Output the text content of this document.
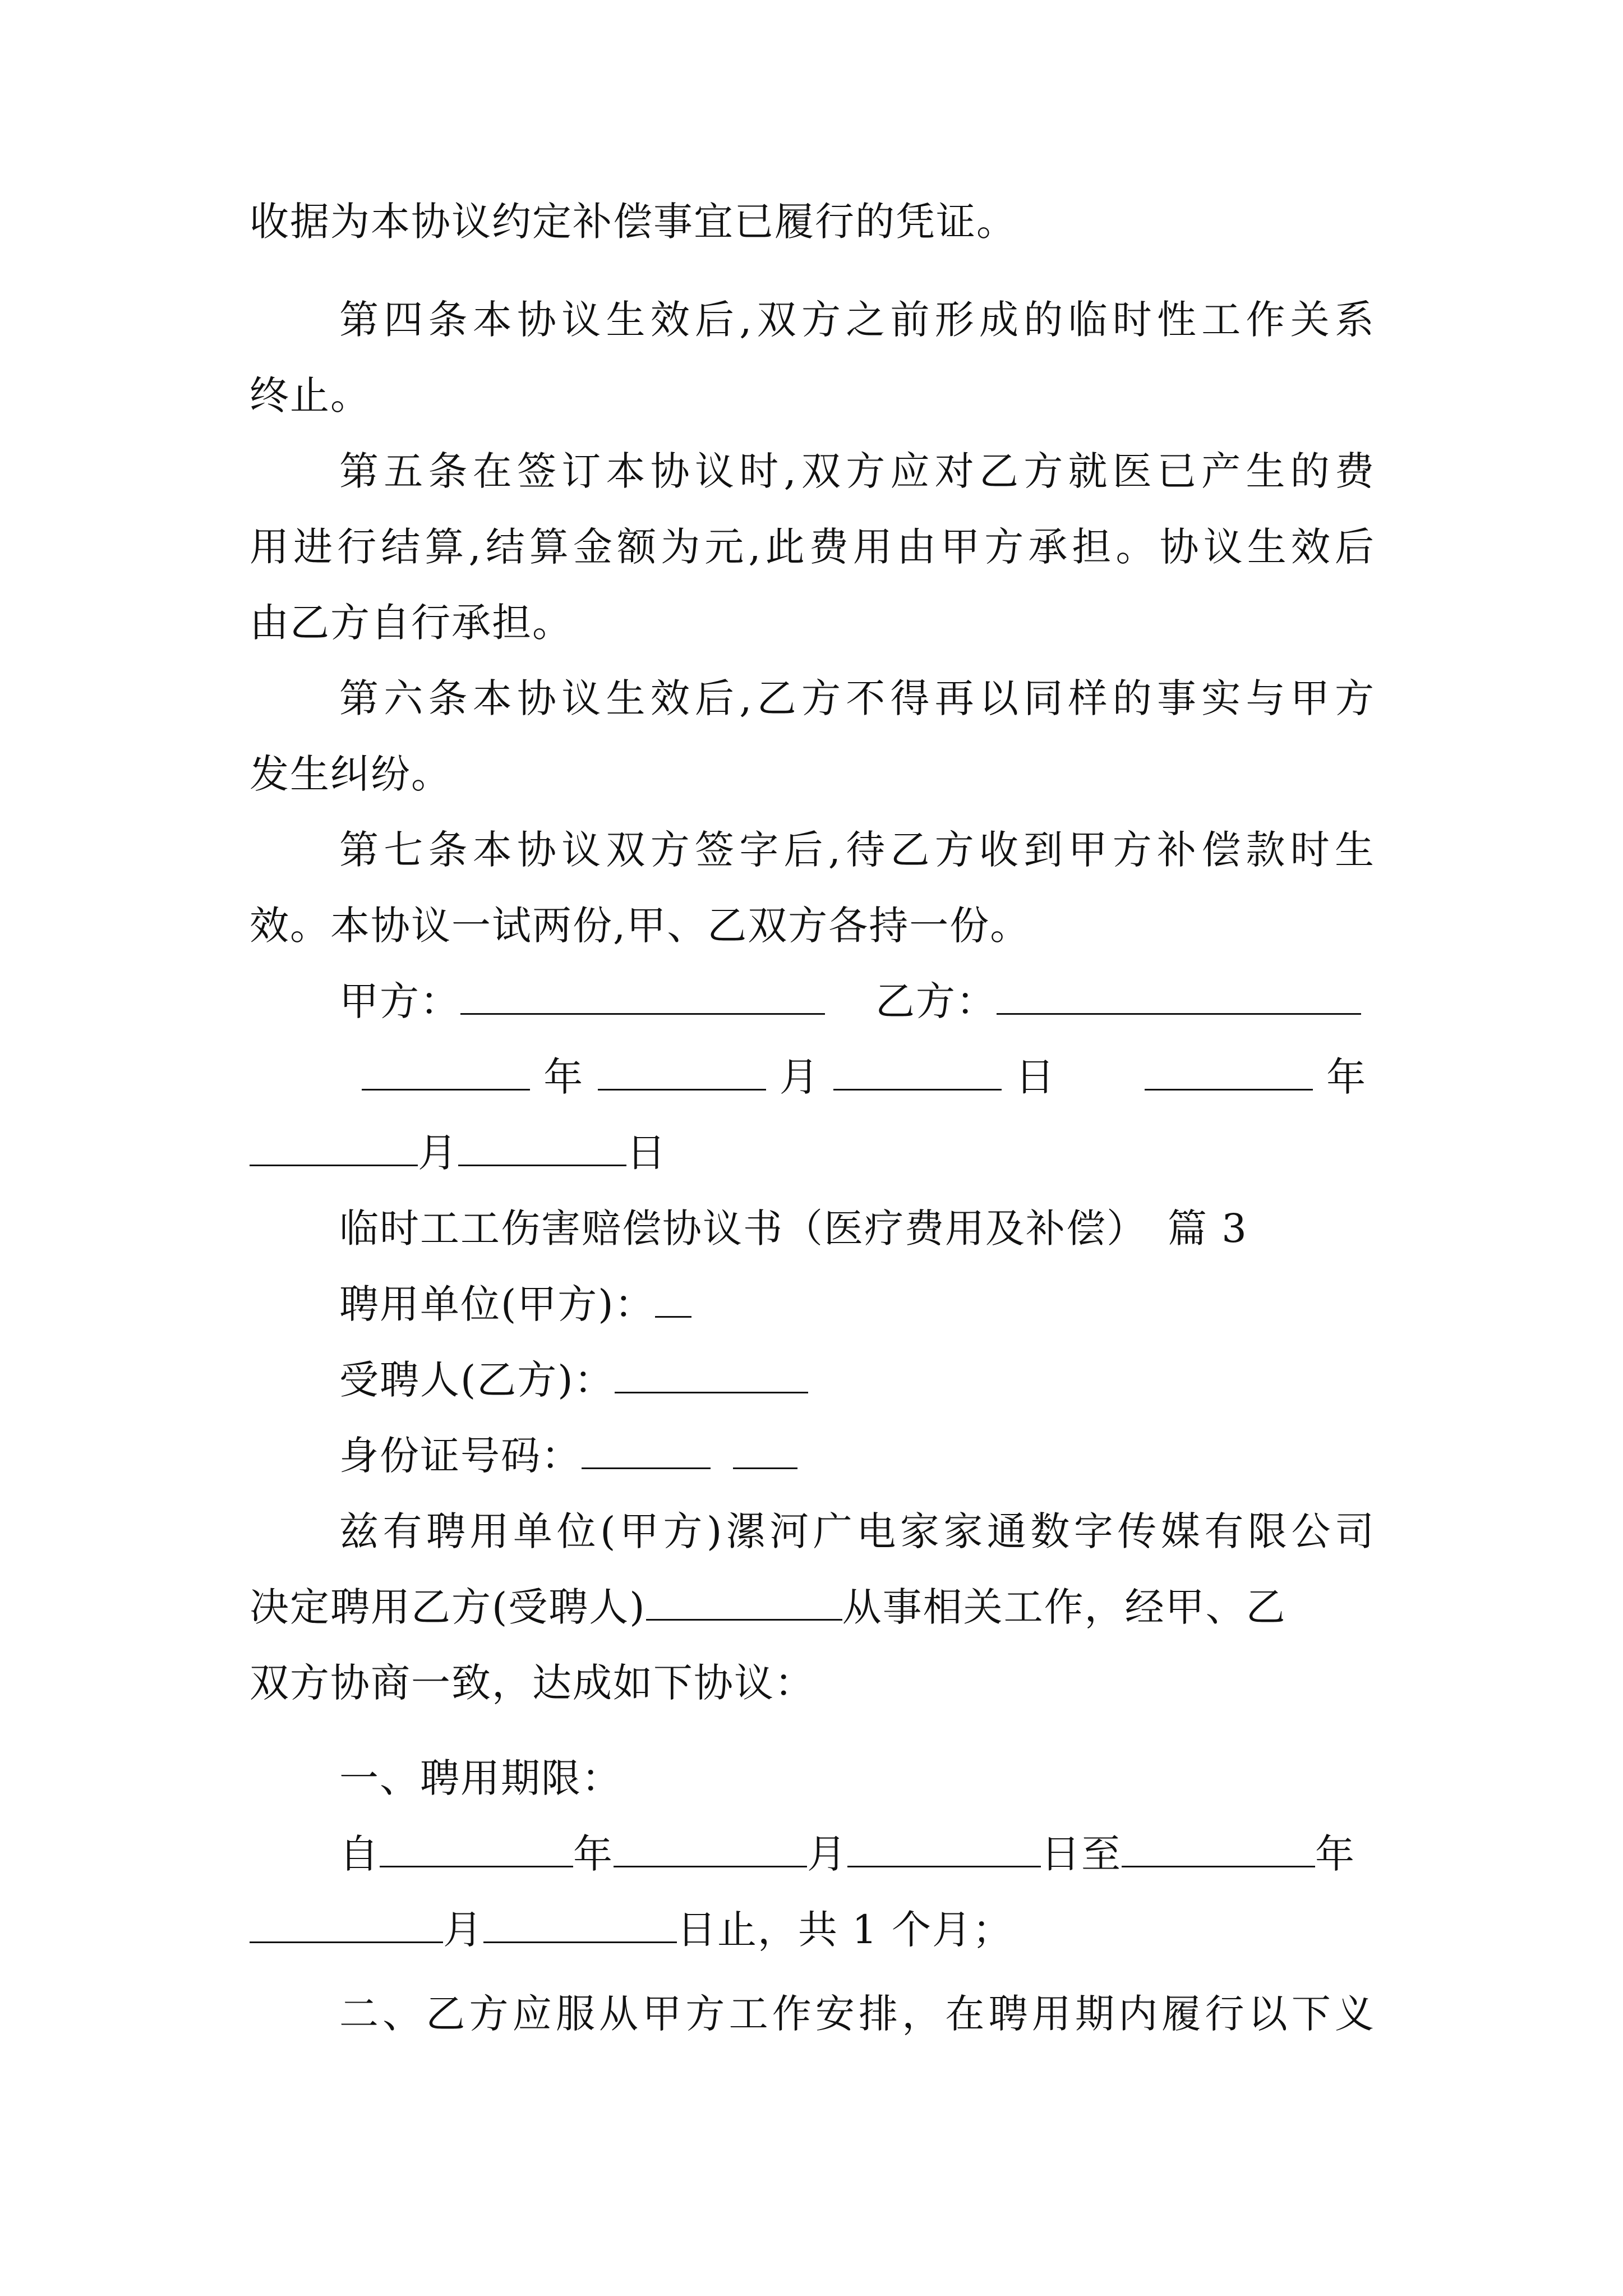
收据为本协议约定补偿事宜已履行的凭证。
第四条本协议生效后,双方之前形成的临时性工作关系
终止。
第五条在签订本协议时,双方应对乙方就医已产生的费
用进行结算,结算金额为元,此费用由甲方承担。协议生效后
由乙方自行承担。
第六条本协议生效后,乙方不得再以同样的事实与甲方
发生纠纷。
第七条本协议双方签字后,待乙方收到甲方补偿款时生
效。本协议一试两份,甲、乙双方各持一份。
甲方：	乙方：
年	月	日	年
月	日
临时工工伤害赔偿协议书（医疗费用及补偿）　篇 3
聘用单位(甲方)：
受聘人(乙方)：
身份证号码：
兹有聘用单位(甲方)漯河广电家家通数字传媒有限公司
决定聘用乙方(受聘人)	从事相关工作，经甲、乙
双方协商一致，达成如下协议：
一、聘用期限：
自	年	月	日至	年
月	日止，共 1 个月；
二、乙方应服从甲方工作安排，在聘用期内履行以下义
